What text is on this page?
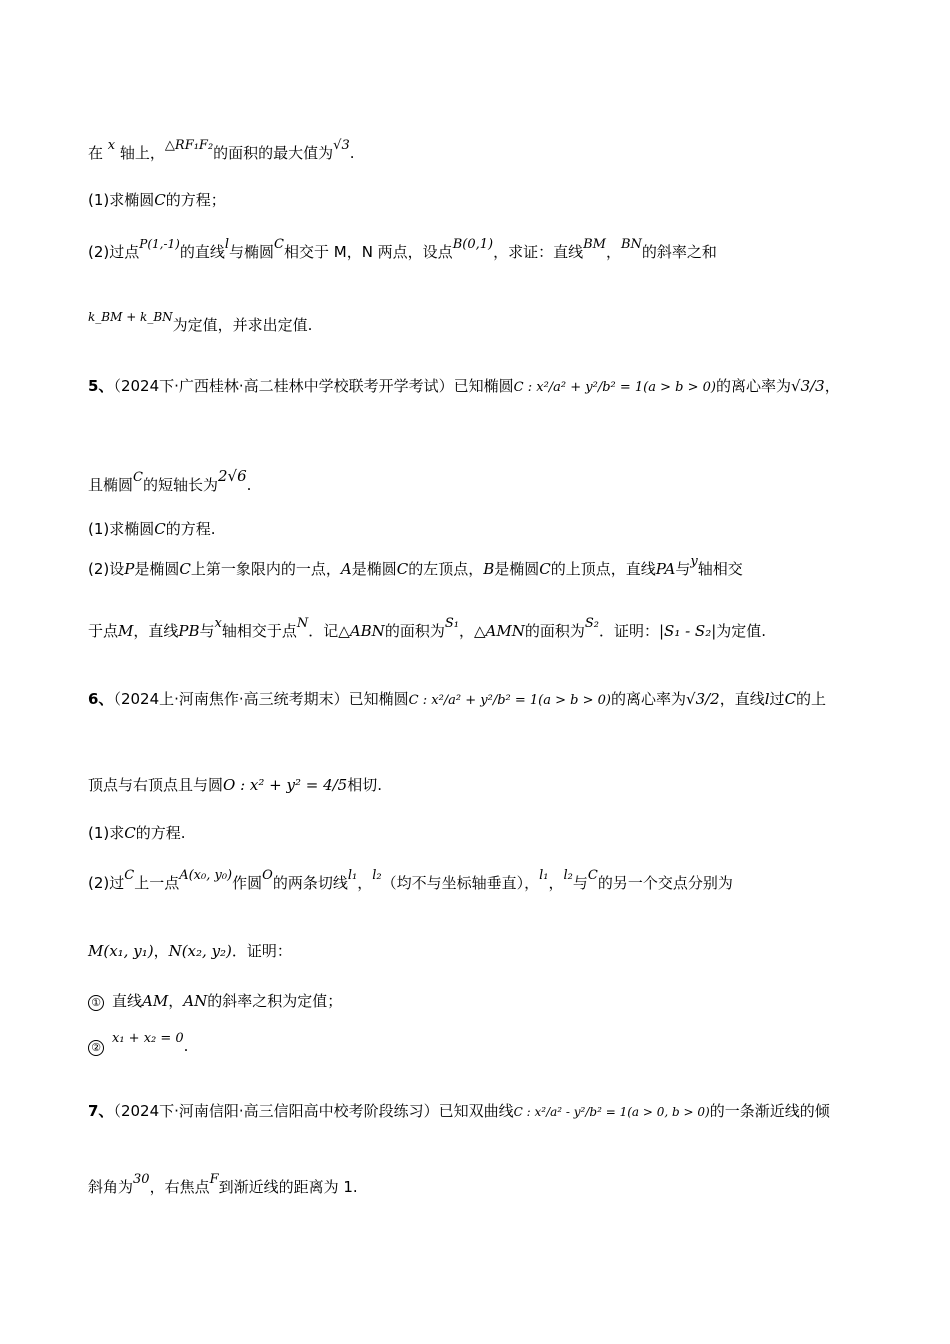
在 x 轴上，△RF₁F₂的面积的最大值为√3.
(1)求椭圆C的方程；
(2)过点$^{P(1,-1)}$的直线l与椭圆C相交于 M，N 两点，设点B(0,1)，求证：直线BM，BN的斜率之和
$^{k\_BM + k\_BN}$为定值，并求出定值.
5、（2024下·广西桂林·高二桂林中学校联考开学考试）已知椭圆C : x²/a² + y²/b² = 1(a > b > 0)的离心率为√3/3，
且椭圆C的短轴长为2√6.
(1)求椭圆C的方程.
(2)设P是椭圆C上第一象限内的一点，A是椭圆C的左顶点，B是椭圆C的上顶点，直线PA与y轴相交
于点M，直线PB与x轴相交于点N．记△ABN的面积为S₁，△AMN的面积为S₂．证明：|S₁ - S₂|为定值.
6、（2024上·河南焦作·高三统考期末）已知椭圆C : x²/a² + y²/b² = 1(a > b > 0)的离心率为√3/2，直线l过C的上
顶点与右顶点且与圆O : x² + y² = 4/5相切.
(1)求C的方程.
(2)过C上一点A(x₀, y₀)作圆O的两条切线l₁，l₂（均不与坐标轴垂直），l₁，l₂与C的另一个交点分别为
M(x₁, y₁)，N(x₂, y₂)．证明：
① 直线AM，AN的斜率之积为定值；
②x₁ + x₂ = 0.
7、（2024下·河南信阳·高三信阳高中校考阶段练习）已知双曲线C : x²/a² - y²/b² = 1(a > 0, b > 0)的一条渐近线的倾
斜角为30，右焦点F到渐近线的距离为 1.
